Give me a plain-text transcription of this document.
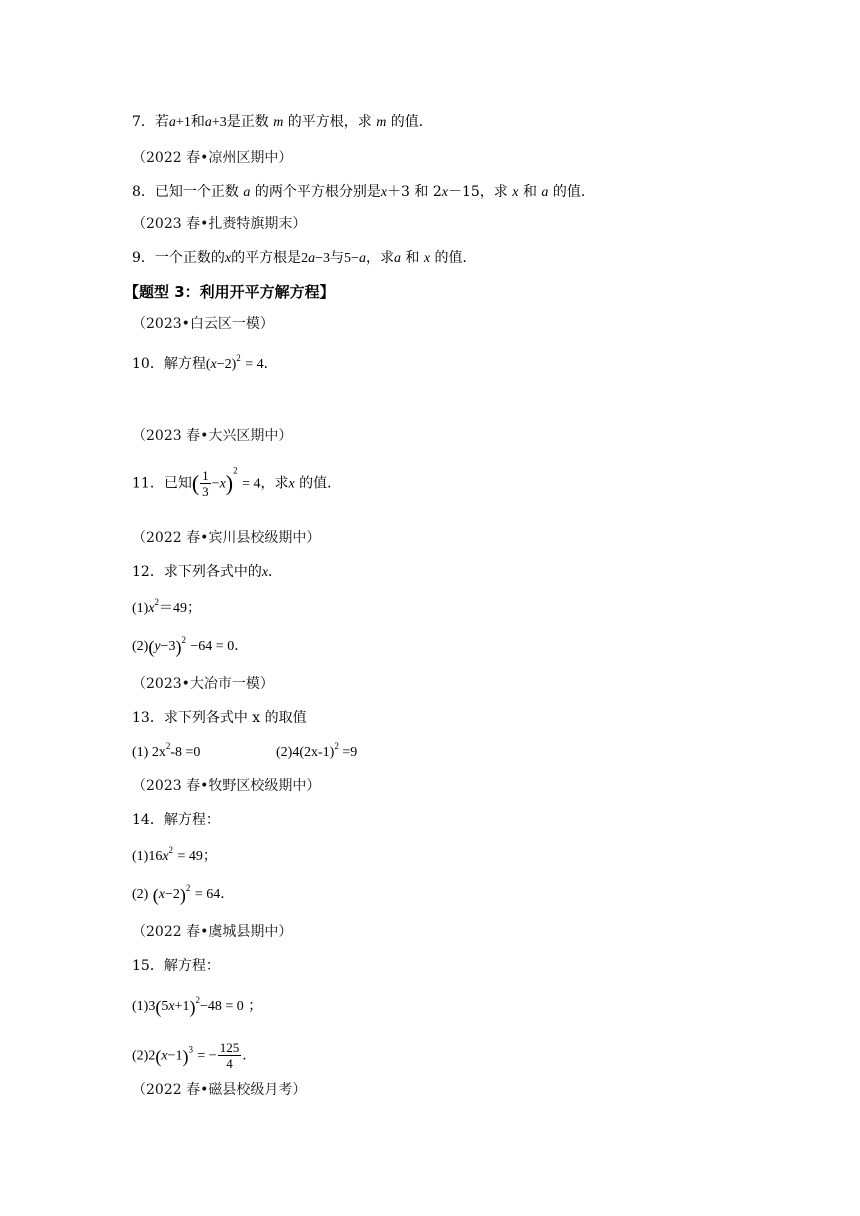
7．若a+1和a+3是正数 m 的平方根，求 m 的值．
（2022 春•凉州区期中）
8．已知一个正数 a 的两个平方根分别是x＋3 和 2x－15，求 x 和 a 的值．
（2023 春•扎赉特旗期末）
9．一个正数的x的平方根是2a−3与5−a，求a 和 x 的值．
【题型 3：利用开平方解方程】
（2023•白云区一模）
10．解方程$(x-2)^2 = 4$．
（2023 春•大兴区期中）
11．已知( $\frac{1}{3} -x)^2 = 4$，求x 的值．
（2022 春•宾川县校级期中）
12．求下列各式中的x．
$(1)x^2=49$；
$(2)(y-3)^2 -64 = 0$．
（2023•大冶市一模）
13．求下列各式中 x 的取值
(1) $2x^2-8 =0$	$(2)4(2x-1)^2 =9$
（2023 春•牧野区校级期中）
14．解方程：
$(1)16x^2 = 49$；
(2) $(x-2)^2 = 64$．
（2022 春•虞城县期中）
15．解方程：
$(1)3(5x+1)^2-48 = 0$ ；
$(2)2(x-1)^3$ = − $\frac{125}{4}$ ．
（2022 春•磁县校级月考）
